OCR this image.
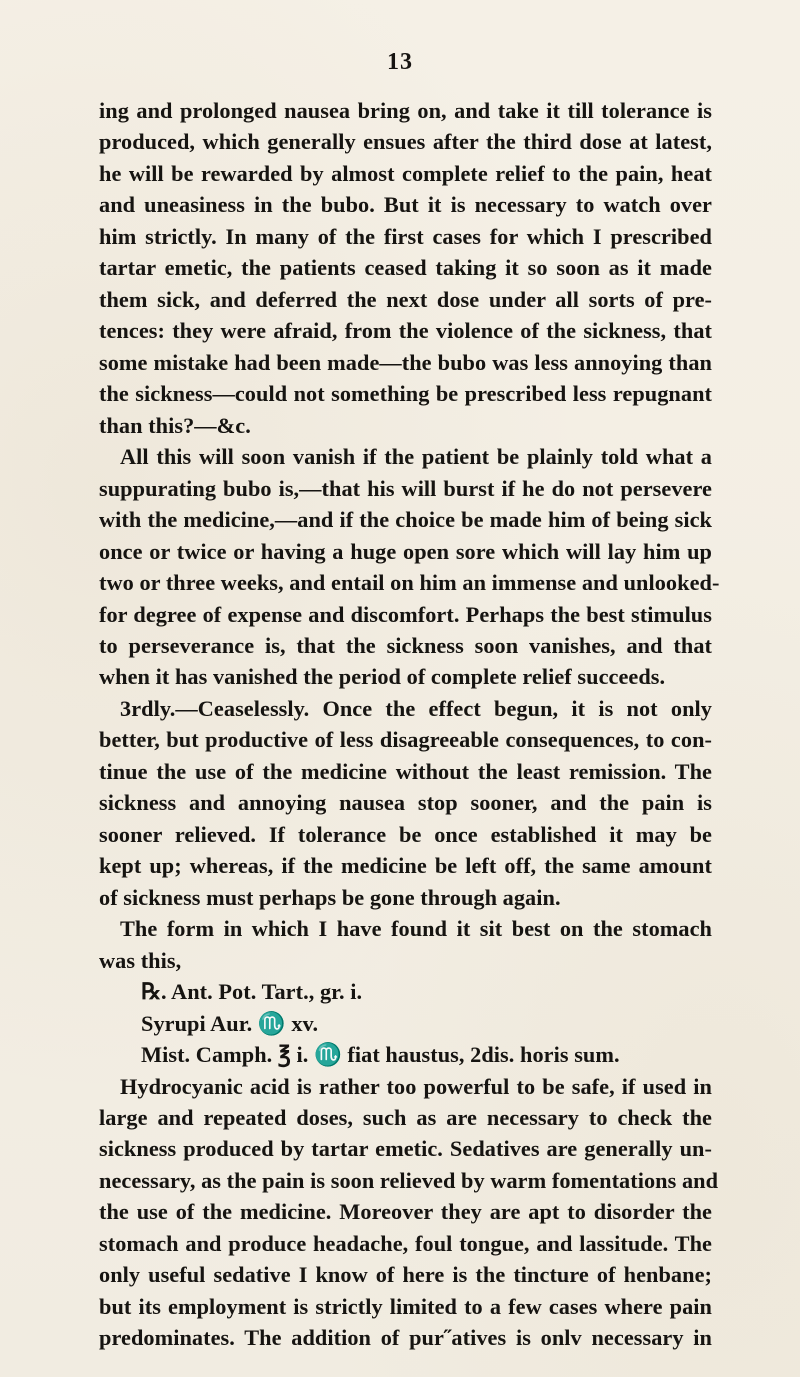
13
ing and prolonged nausea bring on, and take it till tolerance is
produced, which generally ensues after the third dose at latest,
he will be rewarded by almost complete relief to the pain, heat
and uneasiness in the bubo. But it is necessary to watch over
him strictly. In many of the first cases for which I prescribed
tartar emetic, the patients ceased taking it so soon as it made
them sick, and deferred the next dose under all sorts of pre-
tences: they were afraid, from the violence of the sickness, that
some mistake had been made—the bubo was less annoying than
the sickness—could not something be prescribed less repugnant
than this?—&c.
All this will soon vanish if the patient be plainly told what a
suppurating bubo is,—that his will burst if he do not persevere
with the medicine,—and if the choice be made him of being sick
once or twice or having a huge open sore which will lay him up
two or three weeks, and entail on him an immense and unlooked-
for degree of expense and discomfort. Perhaps the best stimulus
to perseverance is, that the sickness soon vanishes, and that
when it has vanished the period of complete relief succeeds.
3rdly.—Ceaselessly. Once the effect begun, it is not only
better, but productive of less disagreeable consequences, to con-
tinue the use of the medicine without the least remission. The
sickness and annoying nausea stop sooner, and the pain is
sooner relieved. If tolerance be once established it may be
kept up; whereas, if the medicine be left off, the same amount
of sickness must perhaps be gone through again.
The form in which I have found it sit best on the stomach
was this,
℞. Ant. Pot. Tart., gr. i.
Syrupi Aur. ♏ xv.
Mist. Camph. ℥ i. ♏ fiat haustus, 2dis. horis sum.
Hydrocyanic acid is rather too powerful to be safe, if used in
large and repeated doses, such as are necessary to check the
sickness produced by tartar emetic. Sedatives are generally un-
necessary, as the pain is soon relieved by warm fomentations and
the use of the medicine. Moreover they are apt to disorder the
stomach and produce headache, foul tongue, and lassitude. The
only useful sedative I know of here is the tincture of henbane;
but its employment is strictly limited to a few cases where pain
predominates. The addition of pur˝atives is onlv necessary in
